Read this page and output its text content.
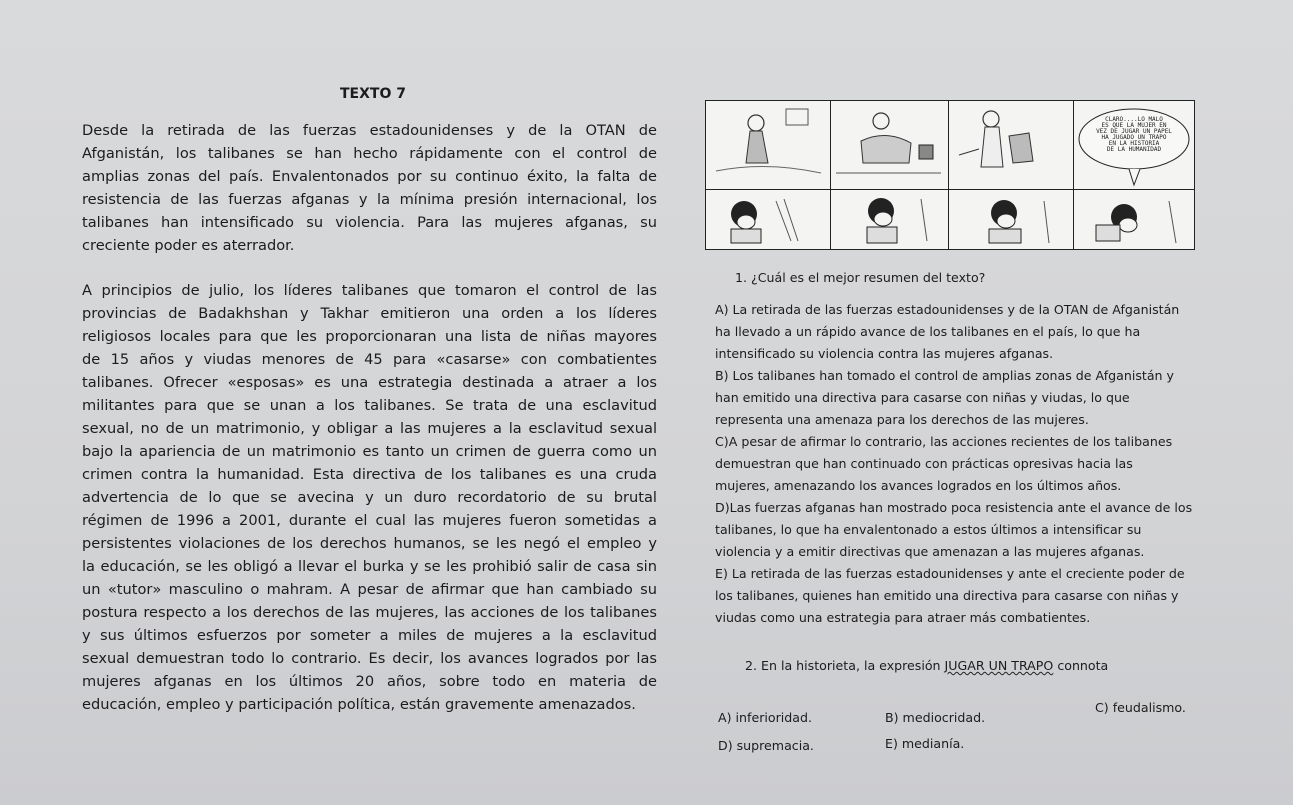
TEXTO 7
Desde la retirada de las fuerzas estadounidenses y de la OTAN de
Afganistán, los talibanes se han hecho rápidamente con el control de
amplias zonas del país. Envalentonados por su continuo éxito, la falta de
resistencia de las fuerzas afganas y la mínima presión internacional, los
talibanes han intensificado su violencia. Para las mujeres afganas, su
creciente poder es aterrador.
A principios de julio, los líderes talibanes que tomaron el control de las
provincias de Badakhshan y Takhar emitieron una orden a los líderes
religiosos locales para que les proporcionaran una lista de niñas mayores
de 15 años y viudas menores de 45 para «casarse» con combatientes
talibanes. Ofrecer «esposas» es una estrategia destinada a atraer a los
militantes para que se unan a los talibanes. Se trata de una esclavitud
sexual, no de un matrimonio, y obligar a las mujeres a la esclavitud sexual
bajo la apariencia de un matrimonio es tanto un crimen de guerra como un
crimen contra la humanidad. Esta directiva de los talibanes es una cruda
advertencia de lo que se avecina y un duro recordatorio de su brutal
régimen de 1996 a 2001, durante el cual las mujeres fueron sometidas a
persistentes violaciones de los derechos humanos, se les negó el empleo y
la educación, se les obligó a llevar el burka y se les prohibió salir de casa sin
un «tutor» masculino o mahram. A pesar de afirmar que han cambiado su
postura respecto a los derechos de las mujeres, las acciones de los talibanes
y sus últimos esfuerzos por someter a miles de mujeres a la esclavitud
sexual demuestran todo lo contrario. Es decir, los avances logrados por las
mujeres afganas en los últimos 20 años, sobre todo en materia de
educación, empleo y participación política, están gravemente amenazados.
CLARO....LO MALO
ES QUE LA MUJER EN
VEZ DE JUGAR UN PAPEL
HA JUGADO UN TRAPO
EN LA HISTORIA
DE LA HUMANIDAD
1. ¿Cuál es el mejor resumen del texto?
A) La retirada de las fuerzas estadounidenses y de la OTAN de Afganistán
ha llevado a un rápido avance de los talibanes en el país, lo que ha
intensificado su violencia contra las mujeres afganas.
B) Los talibanes han tomado el control de amplias zonas de Afganistán y
han emitido una directiva para casarse con niñas y viudas, lo que
representa una amenaza para los derechos de las mujeres.
C)A pesar de afirmar lo contrario, las acciones recientes de los talibanes
demuestran que han continuado con prácticas opresivas hacia las
mujeres, amenazando los avances logrados en los últimos años.
D)Las fuerzas afganas han mostrado poca resistencia ante el avance de los
talibanes, lo que ha envalentonado a estos últimos a intensificar su
violencia y a emitir directivas que amenazan a las mujeres afganas.
E) La retirada de las fuerzas estadounidenses y ante el creciente poder de
los talibanes, quienes han emitido una directiva para casarse con niñas y
viudas como una estrategia para atraer más combatientes.
2. En la historieta, la expresión JUGAR UN TRAPO connota
A) inferioridad.	B) mediocridad.
C) feudalismo.
D) supremacia.	E) medianía.
